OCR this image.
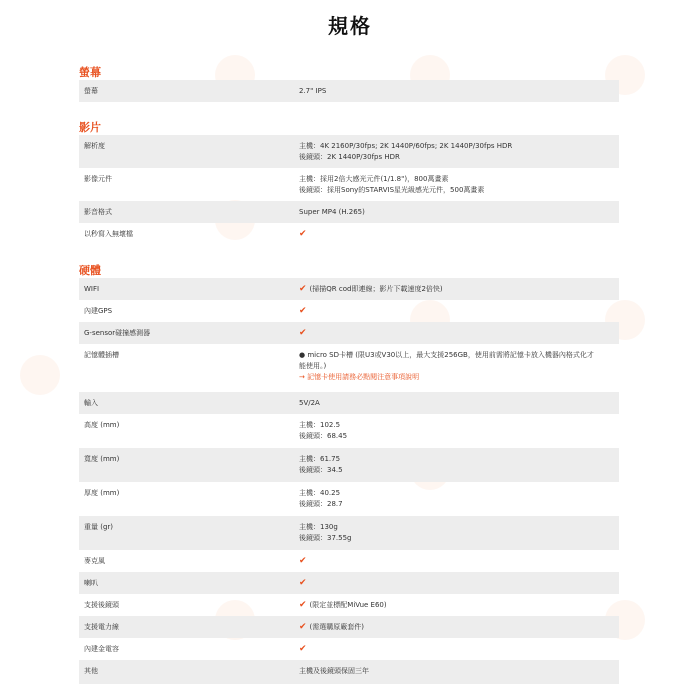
規格
螢幕
螢幕	2.7" IPS
影片
解析度	主機：4K 2160P/30fps; 2K 1440P/60fps; 2K 1440P/30fps HDR
後鏡頭：2K 1440P/30fps HDR
影像元件	主機：採用2倍大感光元件(1/1.8")，800萬畫素
後鏡頭：採用Sony的STARVIS星光級感光元件，500萬畫素
影音格式	Super MP4 (H.265)
以秒寫入無壞檔	✔
硬體
WIFI	✔ (掃描QR cod即連線；影片下載速度2倍快)
內建GPS	✔
G-sensor碰撞感測器	✔
記憶體插槽	● micro SD卡槽 (限U3或V30以上，最大支援256GB，使用前需將記憶卡放入機器內格式化才
能使用。)
→ 記憶卡使用請務必點閱注意事項說明
輸入	5V/2A
高度 (mm)	主機：102.5
後鏡頭：68.45
寬度 (mm)	主機：61.75
後鏡頭：34.5
厚度 (mm)	主機：40.25
後鏡頭：28.7
重量 (gr)	主機：130g
後鏡頭：37.55g
麥克風	✔
喇叭	✔
支援後鏡頭	✔ (限定並標配MiVue E60)
支援電力線	✔ (需選購原廠套件)
內建金電容	✔
其他	主機及後鏡頭保固三年
